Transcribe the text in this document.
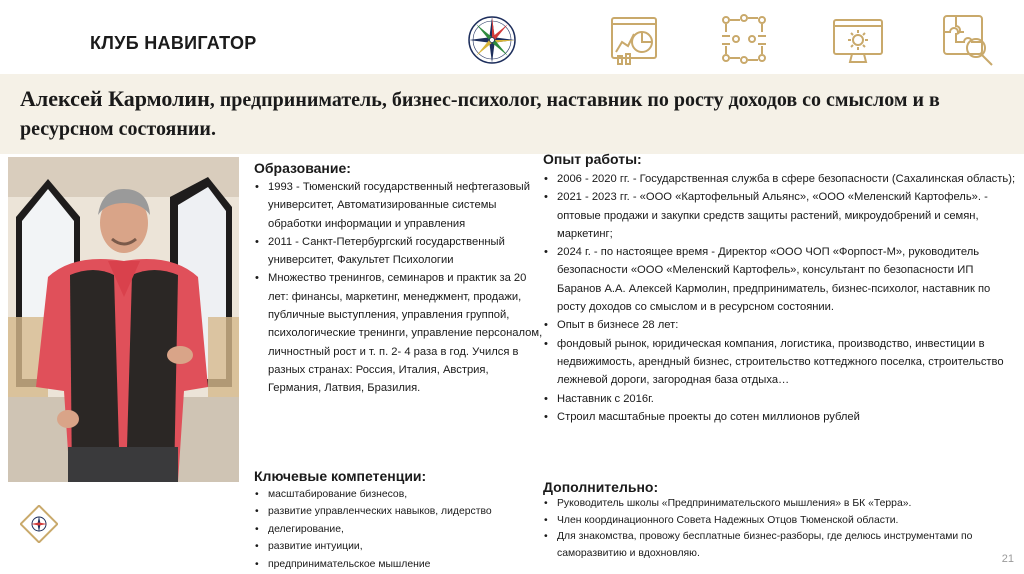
КЛУБ НАВИГАТОР
Алексей Кармолин, предприниматель, бизнес-психолог, наставник по росту доходов со смыслом и в ресурсном состоянии.
Образование:
• 1993 - Тюменский государственный нефтегазовый университет, Автоматизированные системы обработки информации и управления
• 2011 - Санкт-Петербургский государственный университет, Факультет Психологии
• Множество тренингов, семинаров и практик за 20 лет: финансы, маркетинг, менеджмент, продажи, публичные выступления, управления группой, психологические тренинги, управление персоналом, личностный рост и т. п. 2- 4 раза в год. Учился в разных странах: Россия, Италия, Австрия, Германия, Латвия, Бразилия.
Ключевые компетенции:
• масштабирование бизнесов,
• развитие управленческих навыков, лидерство
• делегирование,
• развитие интуиции,
• предпринимательское мышление
Опыт работы:
• 2006 - 2020 гг. - Государственная служба в сфере безопасности (Сахалинская область);
• 2021 - 2023 гг. - «ООО «Картофельный Альянс», «ООО «Меленский Картофель». - оптовые продажи и закупки средств защиты растений, микроудобрений и семян, маркетинг;
• 2024 г. - по настоящее время - Директор «ООО ЧОП «Форпост-М», руководитель безопасности «ООО «Меленский Картофель», консультант по безопасности ИП Баранов А.А. Алексей Кармолин, предприниматель, бизнес-психолог, наставник по росту доходов со смыслом и в ресурсном состоянии.
• Опыт в бизнесе 28 лет:
• фондовый рынок, юридическая компания, логистика, производство, инвестиции в недвижимость, арендный бизнес, строительство коттеджного поселка, строительство лежневой дороги, загородная база отдыха…
• Наставник с 2016г.
• Строил масштабные проекты до сотен миллионов рублей
Дополнительно:
• Руководитель школы «Предпринимательского мышления» в БК «Терра».
• Член координационного Совета Надежных Отцов Тюменской области.
• Для знакомства, провожу бесплатные бизнес-разборы, где делюсь инструментами по саморазвитию и вдохновляю.	21
